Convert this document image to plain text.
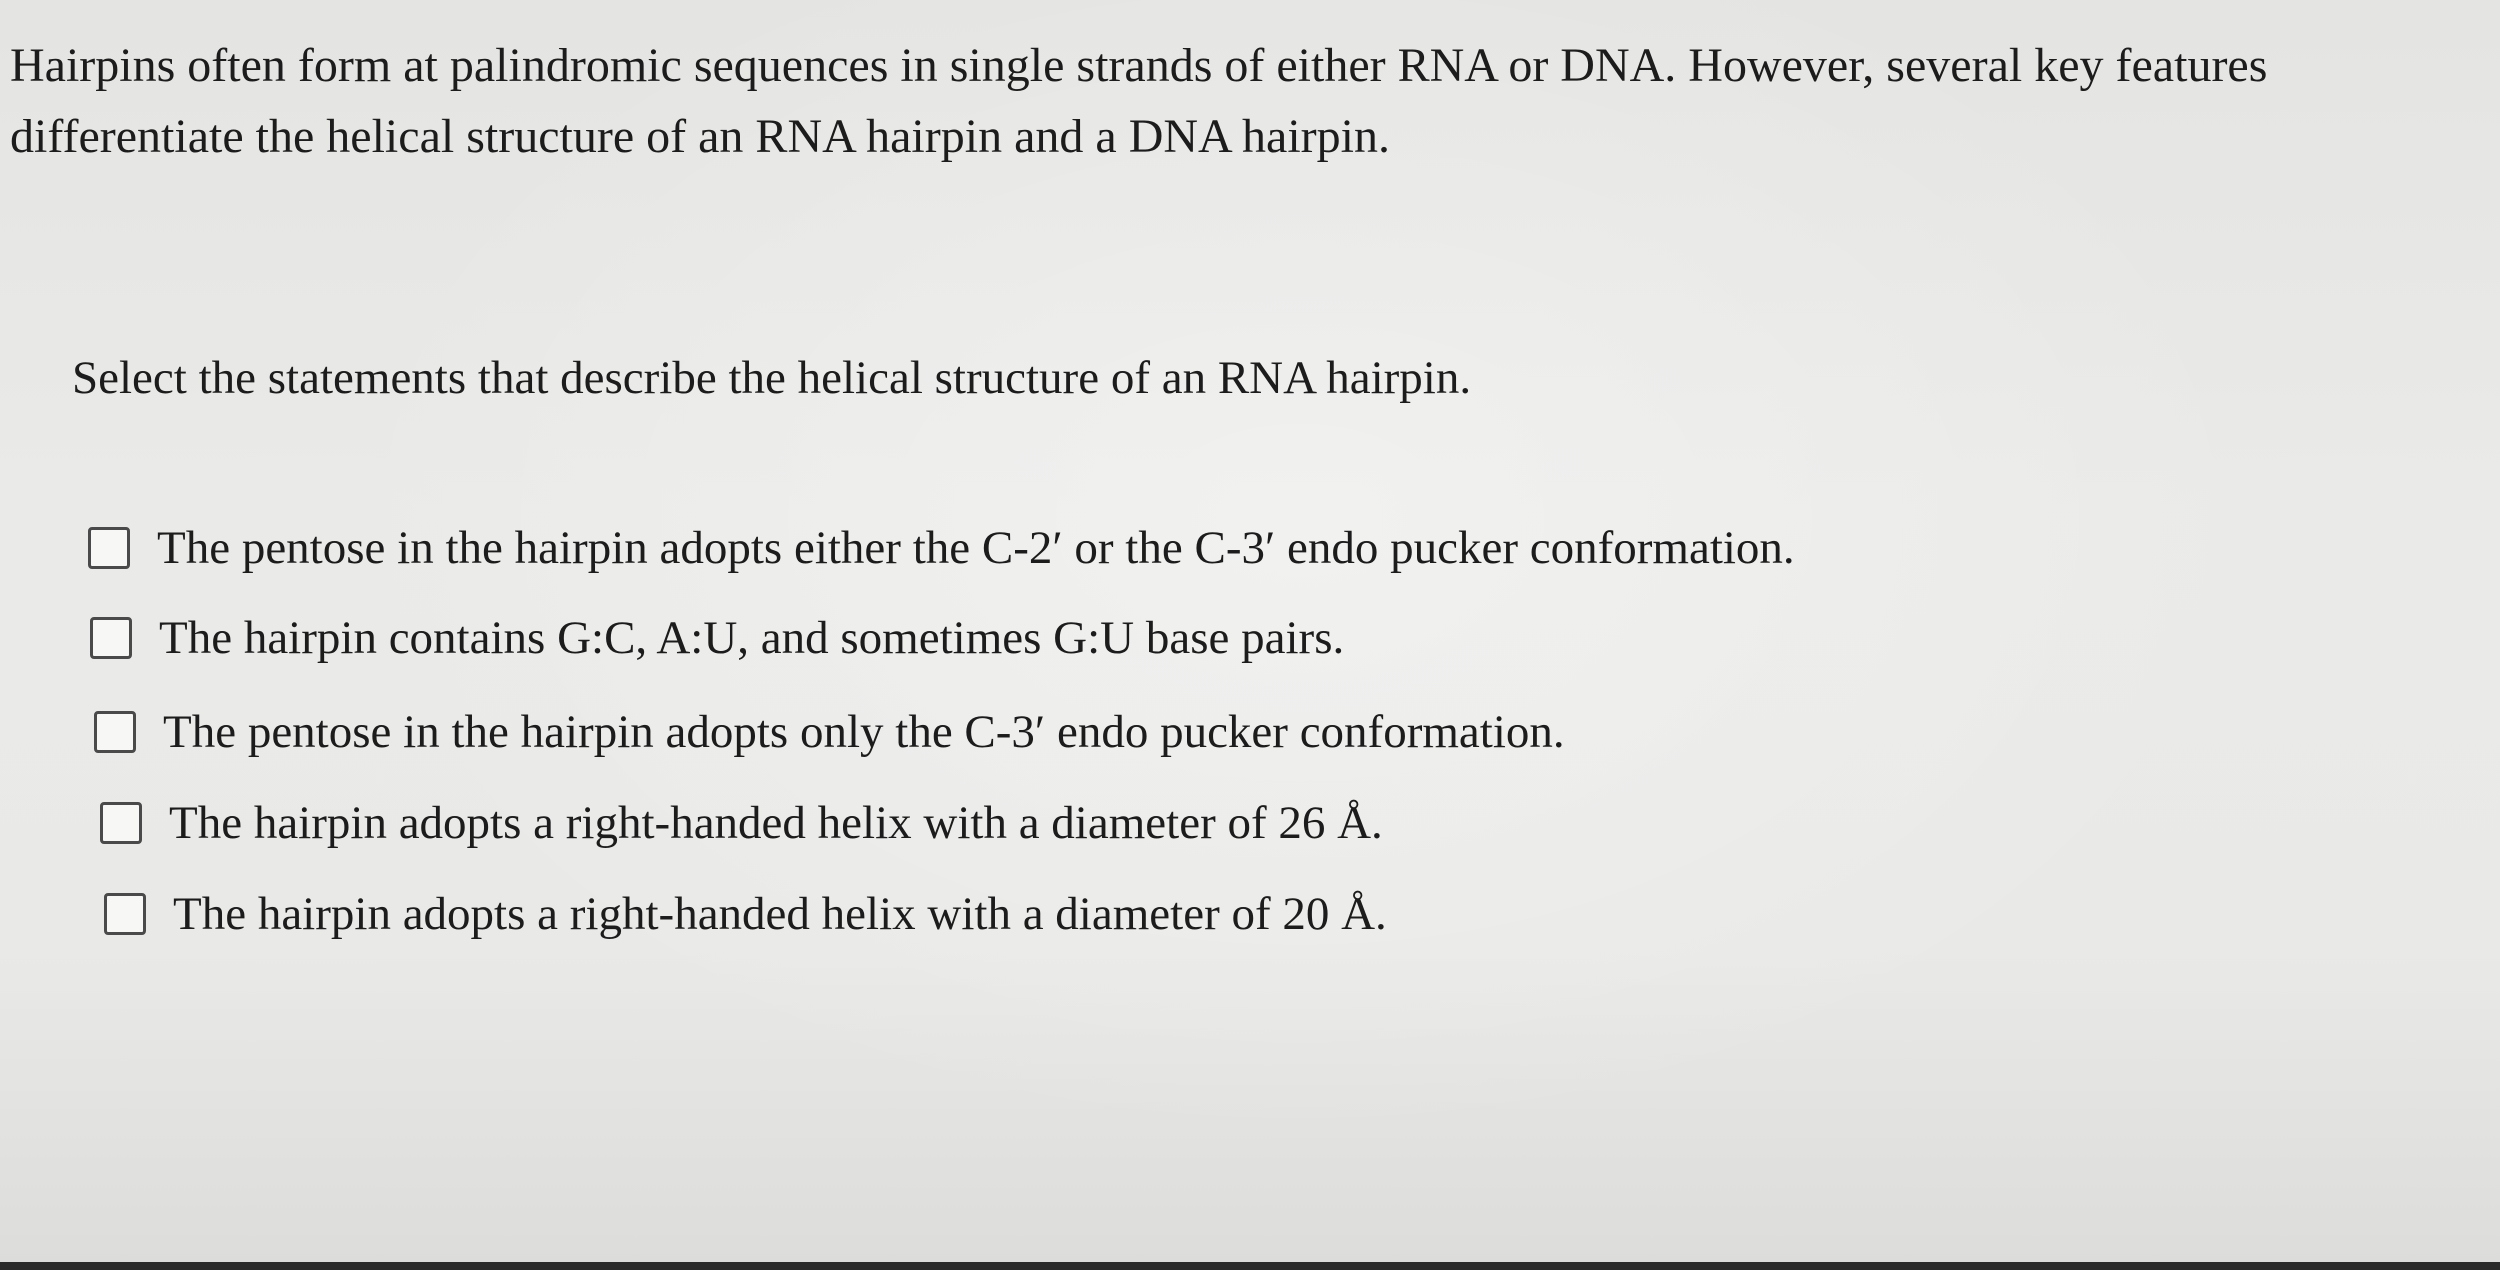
Hairpins often form at palindromic sequences in single strands of either RNA or DNA. However, several key features differentiate the helical structure of an RNA hairpin and a DNA hairpin.

Select the statements that describe the helical structure of an RNA hairpin.

The pentose in the hairpin adopts either the C-2′ or the C-3′ endo pucker conformation.
The hairpin contains G:C, A:U, and sometimes G:U base pairs.
The pentose in the hairpin adopts only the C-3′ endo pucker conformation.
The hairpin adopts a right-handed helix with a diameter of 26 Å.
The hairpin adopts a right-handed helix with a diameter of 20 Å.
